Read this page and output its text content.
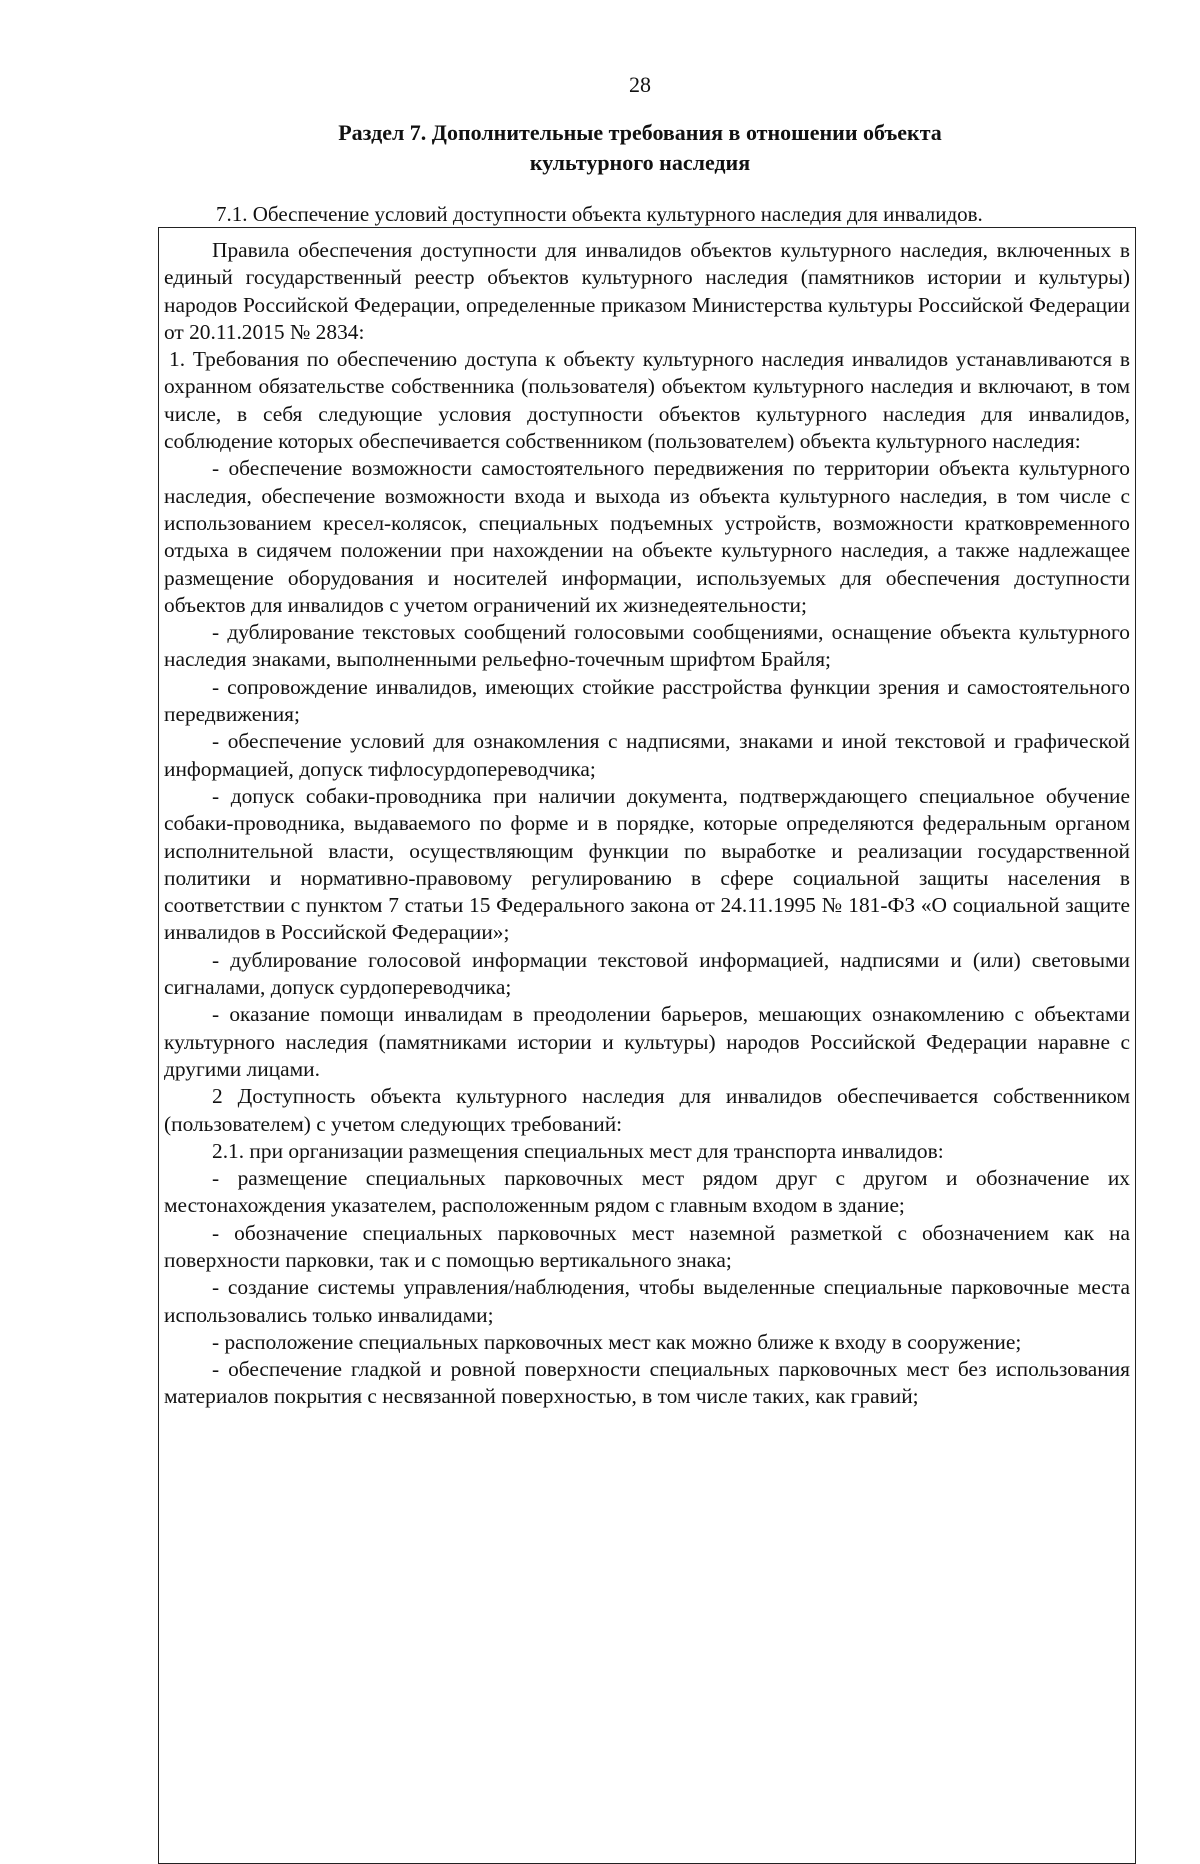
28
Раздел 7. Дополнительные требования в отношении объекта
культурного наследия
7.1. Обеспечение условий доступности объекта культурного наследия для инвалидов.

Правила обеспечения доступности для инвалидов объектов культурного наследия, включенных в единый государственный реестр объектов культурного наследия (памятников истории и культуры) народов Российской Федерации, определенные приказом Министерства культуры Российской Федерации от 20.11.2015 № 2834:

1. Требования по обеспечению доступа к объекту культурного наследия инвалидов устанавливаются в охранном обязательстве собственника (пользователя) объектом культурного наследия и включают, в том числе, в себя следующие условия доступности объектов культурного наследия для инвалидов, соблюдение которых обеспечивается собственником (пользователем) объекта культурного наследия:

- обеспечение возможности самостоятельного передвижения по территории объекта культурного наследия, обеспечение возможности входа и выхода из объекта культурного наследия, в том числе с использованием кресел-колясок, специальных подъемных устройств, возможности кратковременного отдыха в сидячем положении при нахождении на объекте культурного наследия, а также надлежащее размещение оборудования и носителей информации, используемых для обеспечения доступности объектов для инвалидов с учетом ограничений их жизнедеятельности;

- дублирование текстовых сообщений голосовыми сообщениями, оснащение объекта культурного наследия знаками, выполненными рельефно-точечным шрифтом Брайля;

- сопровождение инвалидов, имеющих стойкие расстройства функции зрения и самостоятельного передвижения;

- обеспечение условий для ознакомления с надписями, знаками и иной текстовой и графической информацией, допуск тифлосурдопереводчика;

- допуск собаки-проводника при наличии документа, подтверждающего специальное обучение собаки-проводника, выдаваемого по форме и в порядке, которые определяются федеральным органом исполнительной власти, осуществляющим функции по выработке и реализации государственной политики и нормативно-правовому регулированию в сфере социальной защиты населения в соответствии с пунктом 7 статьи 15 Федерального закона от 24.11.1995 № 181-ФЗ «О социальной защите инвалидов в Российской Федерации»;

- дублирование голосовой информации текстовой информацией, надписями и (или) световыми сигналами, допуск сурдопереводчика;

- оказание помощи инвалидам в преодолении барьеров, мешающих ознакомлению с объектами культурного наследия (памятниками истории и культуры) народов Российской Федерации наравне с другими лицами.

2 Доступность объекта культурного наследия для инвалидов обеспечивается собственником (пользователем) с учетом следующих требований:

2.1. при организации размещения специальных мест для транспорта инвалидов:

- размещение специальных парковочных мест рядом друг с другом и обозначение их местонахождения указателем, расположенным рядом с главным входом в здание;

- обозначение специальных парковочных мест наземной разметкой с обозначением как на поверхности парковки, так и с помощью вертикального знака;

- создание системы управления/наблюдения, чтобы выделенные специальные парковочные места использовались только инвалидами;

- расположение специальных парковочных мест как можно ближе к входу в сооружение;

- обеспечение гладкой и ровной поверхности специальных парковочных мест без использования материалов покрытия с несвязанной поверхностью, в том числе таких, как гравий;
